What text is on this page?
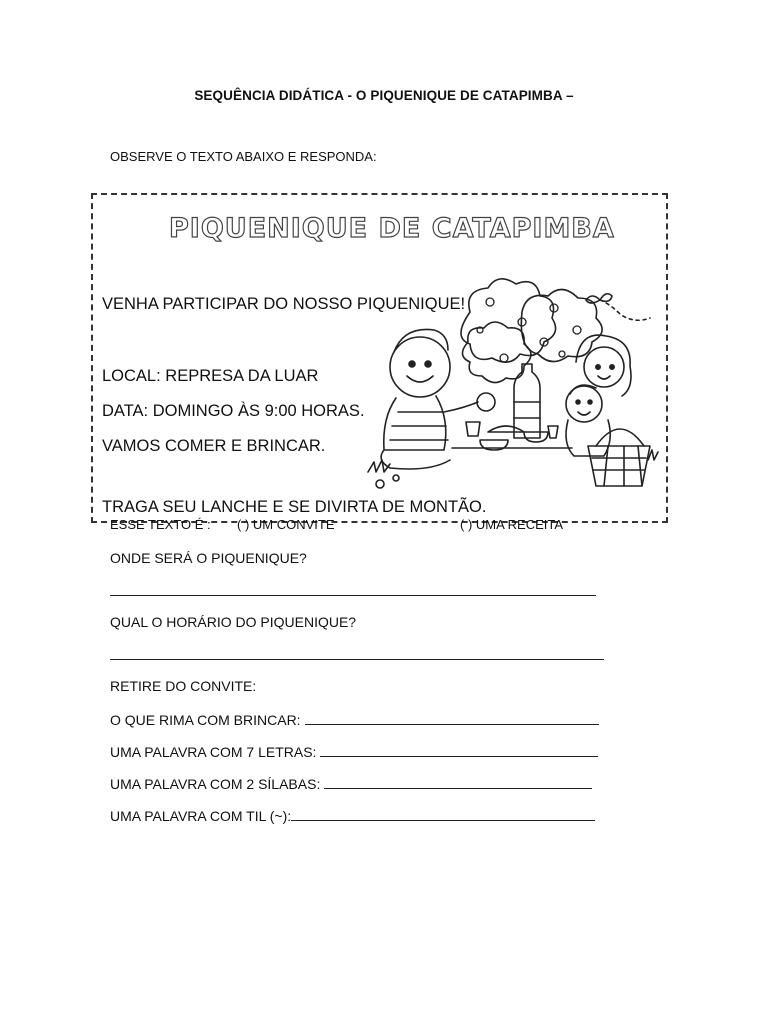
SEQUÊNCIA DIDÁTICA - O PIQUENIQUE DE CATAPIMBA –
OBSERVE O TEXTO ABAIXO E RESPONDA:
PIQUENIQUE DE CATAPIMBA
VENHA PARTICIPAR DO NOSSO PIQUENIQUE!
LOCAL: REPRESA DA LUAR
DATA: DOMINGO ÀS 9:00 HORAS.
VAMOS COMER E BRINCAR.
TRAGA SEU LANCHE E SE DIVIRTA DE MONTÃO.
ESSE TEXTO É : ( ) UM CONVITE	( ) UMA RECEITA
ONDE SERÁ O PIQUENIQUE?
QUAL O HORÁRIO DO PIQUENIQUE?
RETIRE DO CONVITE:
O QUE RIMA COM BRINCAR:
UMA PALAVRA COM 7 LETRAS:
UMA PALAVRA COM 2 SÍLABAS:
UMA PALAVRA COM TIL (~):
